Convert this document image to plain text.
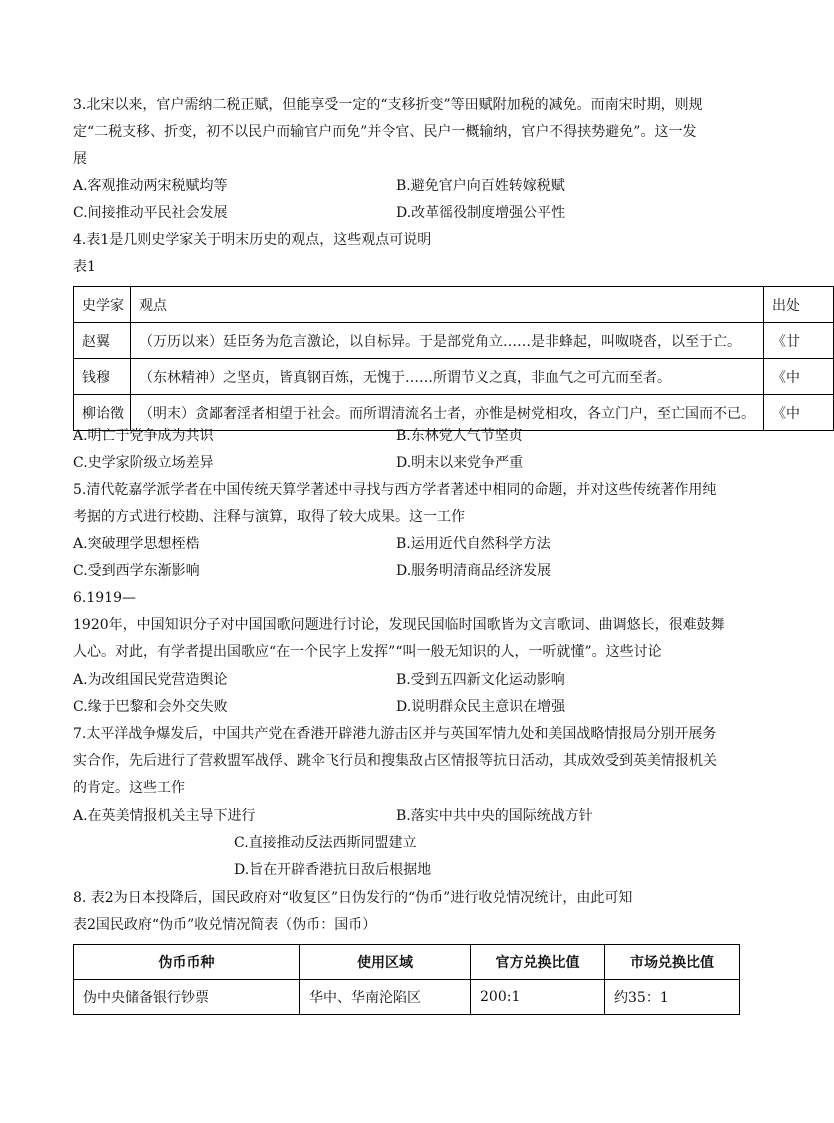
3.北宋以来，官户需纳二税正赋，但能享受一定的“支移折变”等田赋附加税的减免。而南宋时期，则规
定“二税支移、折变，初不以民户而输官户而免”并令官、民户一概输纳，官户不得挟势避免”。这一发
展
A.客观推动两宋税赋均等	B.避免官户向百姓转嫁税赋
C.间接推动平民社会发展	D.改革徭役制度增强公平性
4.表1是几则史学家关于明末历史的观点，这些观点可说明
表1
史学家	观点	出处
赵翼	（万历以来）廷臣务为危言激论，以自标异。于是部党角立……是非蜂起，叫呶哓沓，以至于亡。	《廿
钱穆	（东林精神）之坚贞，皆真钢百炼，无愧于……所谓节义之真，非血气之可亢而至者。	《中
柳诒徵	（明末）贪鄙奢淫者相望于社会。而所谓清流名士者，亦惟是树党相攻，各立门户，至亡国而不已。	《中
A.明亡于党争成为共识	B.东林党人气节坚贞
C.史学家阶级立场差异	D.明末以来党争严重
5.清代乾嘉学派学者在中国传统天算学著述中寻找与西方学者著述中相同的命题，并对这些传统著作用纯
考据的方式进行校勘、注释与演算，取得了较大成果。这一工作
A.突破理学思想桎梏	B.运用近代自然科学方法
C.受到西学东渐影响	D.服务明清商品经济发展
6.1919—
1920年，中国知识分子对中国国歌问题进行讨论，发现民国临时国歌皆为文言歌词、曲调悠长，很难鼓舞
人心。对此，有学者提出国歌应“在一个民字上发挥”“叫一般无知识的人，一听就懂”。这些讨论
A.为改组国民党营造舆论	B.受到五四新文化运动影响
C.缘于巴黎和会外交失败	D.说明群众民主意识在增强
7.太平洋战争爆发后，中国共产党在香港开辟港九游击区并与英国军情九处和美国战略情报局分别开展务
实合作，先后进行了营救盟军战俘、跳伞飞行员和搜集敌占区情报等抗日活动，其成效受到英美情报机关
的肯定。这些工作
A.在英美情报机关主导下进行	B.落实中共中央的国际统战方针
C.直接推动反法西斯同盟建立
D.旨在开辟香港抗日敌后根据地
8. 表2为日本投降后，国民政府对“收复区”日伪发行的“伪币”进行收兑情况统计，由此可知
表2国民政府“伪币”收兑情况简表（伪币：国币）
伪币币种	使用区域	官方兑换比值	市场兑换比值
伪中央储备银行钞票	华中、华南沦陷区	200:1	约35：1
